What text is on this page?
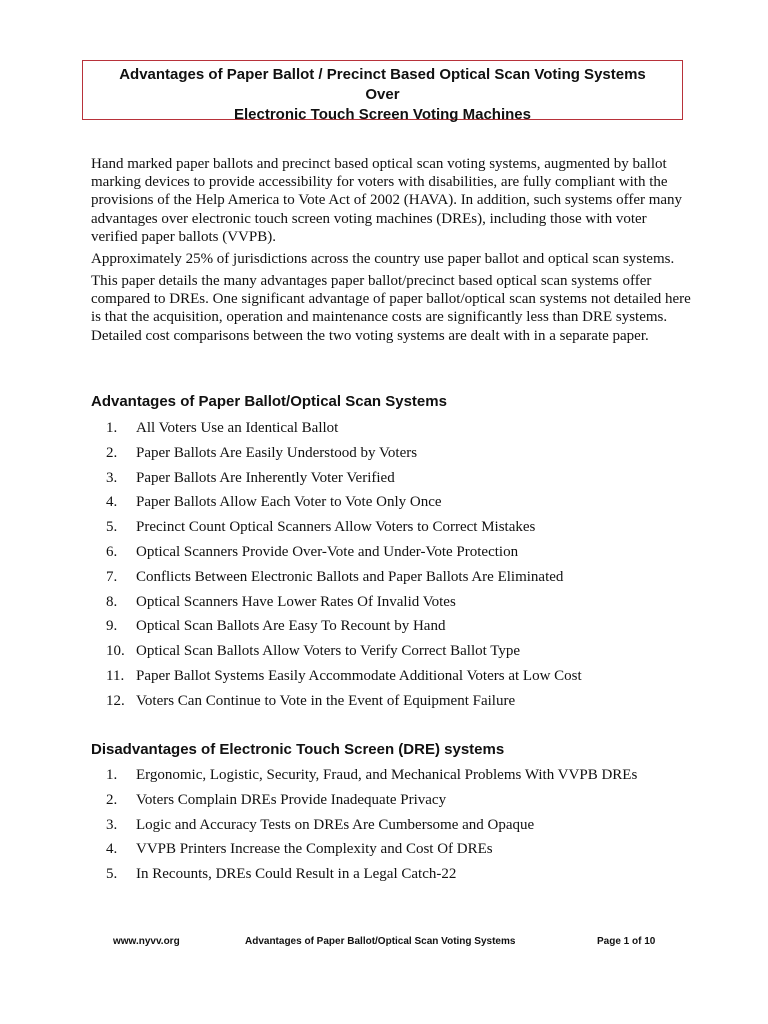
Advantages of Paper Ballot / Precinct Based Optical Scan Voting Systems
Over
Electronic Touch Screen Voting Machines
Hand marked paper ballots and precinct based optical scan voting systems, augmented by ballot marking devices to provide accessibility for voters with disabilities, are fully compliant with the provisions of the Help America to Vote Act of 2002 (HAVA). In addition, such systems offer many advantages over electronic touch screen voting machines (DREs), including those with voter verified paper ballots (VVPB).
Approximately 25% of jurisdictions across the country use paper ballot and optical scan systems.
This paper details the many advantages paper ballot/precinct based optical scan systems offer compared to DREs. One significant advantage of paper ballot/optical scan systems not detailed here is that the acquisition, operation and maintenance costs are significantly less than DRE systems. Detailed cost comparisons between the two voting systems are dealt with in a separate paper.
Advantages of Paper Ballot/Optical Scan Systems
1. All Voters Use an Identical Ballot
2. Paper Ballots Are Easily Understood by Voters
3. Paper Ballots Are Inherently Voter Verified
4. Paper Ballots Allow Each Voter to Vote Only Once
5. Precinct Count Optical Scanners Allow Voters to Correct Mistakes
6. Optical Scanners Provide Over-Vote and Under-Vote Protection
7. Conflicts Between Electronic Ballots and Paper Ballots Are Eliminated
8. Optical Scanners Have Lower Rates Of Invalid Votes
9. Optical Scan Ballots Are Easy To Recount by Hand
10. Optical Scan Ballots Allow Voters to Verify Correct Ballot Type
11. Paper Ballot Systems Easily Accommodate Additional Voters at Low Cost
12. Voters Can Continue to Vote in the Event of Equipment Failure
Disadvantages of Electronic Touch Screen (DRE) systems
1. Ergonomic, Logistic, Security, Fraud, and Mechanical Problems With VVPB DREs
2. Voters Complain DREs Provide Inadequate Privacy
3. Logic and Accuracy Tests on DREs Are Cumbersome and Opaque
4. VVPB Printers Increase the Complexity and Cost Of DREs
5. In Recounts, DREs Could Result in a Legal Catch-22
www.nyvv.org	Advantages of Paper Ballot/Optical Scan Voting Systems	Page 1 of 10
